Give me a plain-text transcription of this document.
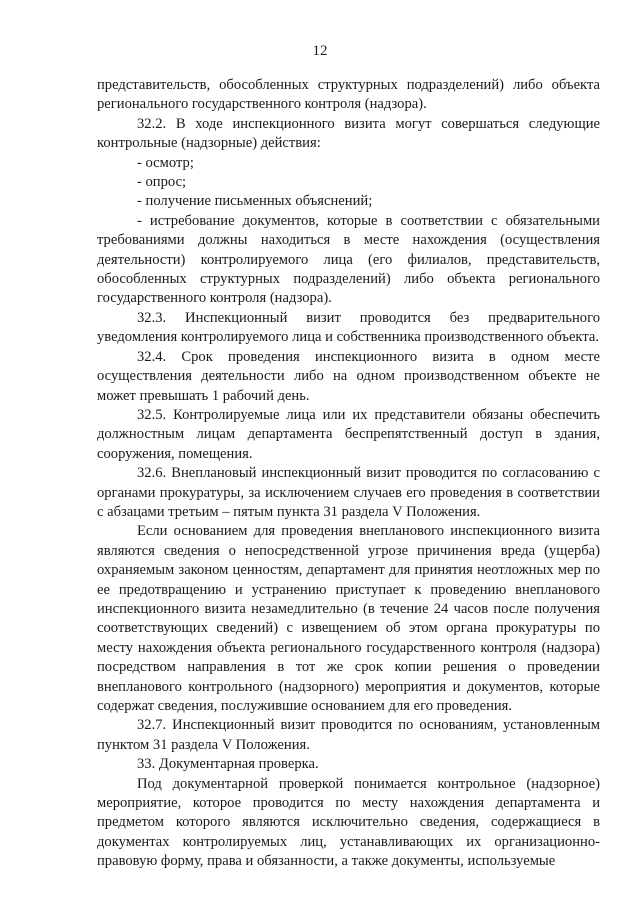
12

представительств, обособленных структурных подразделений) либо объекта регионального государственного контроля (надзора).

32.2. В ходе инспекционного визита могут совершаться следующие контрольные (надзорные) действия:

- осмотр;

- опрос;

- получение письменных объяснений;

- истребование документов, которые в соответствии с обязательными требованиями должны находиться в месте нахождения (осуществления деятельности) контролируемого лица (его филиалов, представительств, обособленных структурных подразделений) либо объекта регионального государственного контроля (надзора).

32.3. Инспекционный визит проводится без предварительного уведомления контролируемого лица и собственника производственного объекта.

32.4. Срок проведения инспекционного визита в одном месте осуществления деятельности либо на одном производственном объекте не может превышать 1 рабочий день.

32.5. Контролируемые лица или их представители обязаны обеспечить должностным лицам департамента беспрепятственный доступ в здания, сооружения, помещения.

32.6. Внеплановый инспекционный визит проводится по согласованию с органами прокуратуры, за исключением случаев его проведения в соответствии с абзацами третьим – пятым пункта 31 раздела V Положения.

Если основанием для проведения внепланового инспекционного визита являются сведения о непосредственной угрозе причинения вреда (ущерба) охраняемым законом ценностям, департамент для принятия неотложных мер по ее предотвращению и устранению приступает к проведению внепланового инспекционного визита незамедлительно (в течение 24 часов после получения соответствующих сведений) с извещением об этом органа прокуратуры по месту нахождения объекта регионального государственного контроля (надзора) посредством направления в тот же срок копии решения о проведении внепланового контрольного (надзорного) мероприятия и документов, которые содержат сведения, послужившие основанием для его проведения.

32.7. Инспекционный визит проводится по основаниям, установленным пунктом 31 раздела V Положения.

33. Документарная проверка.

Под документарной проверкой понимается контрольное (надзорное) мероприятие, которое проводится по месту нахождения департамента и предметом которого являются исключительно сведения, содержащиеся в документах контролируемых лиц, устанавливающих их организационно-правовую форму, права и обязанности, а также документы, используемые
